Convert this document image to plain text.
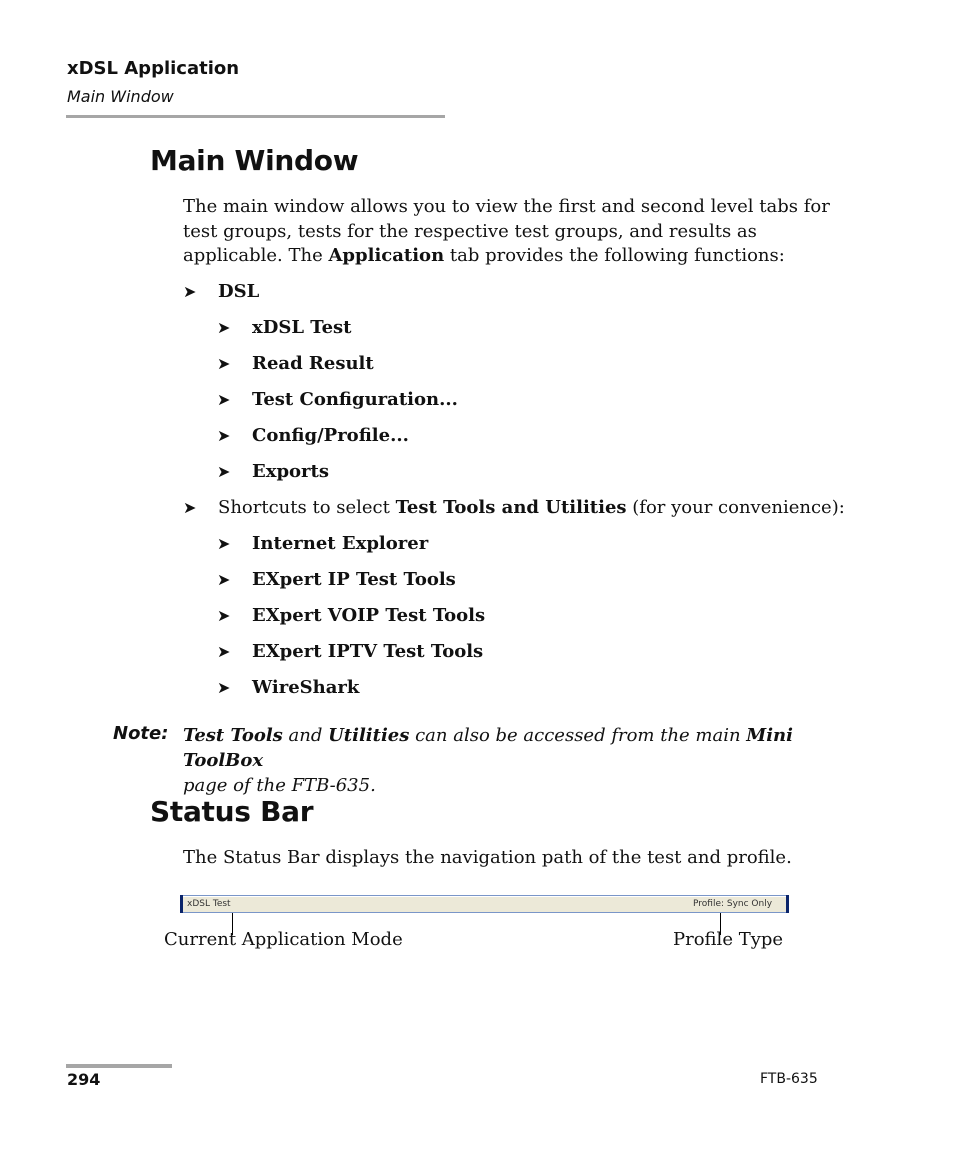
xDSL Application
Main Window
Main Window
The main window allows you to view the first and second level tabs for test groups, tests for the respective test groups, and results as applicable. The Application tab provides the following functions:
➤ DSL
➤ xDSL Test
➤ Read Result
➤ Test Configuration...
➤ Config/Profile...
➤ Exports
➤ Shortcuts to select Test Tools and Utilities (for your convenience):
➤ Internet Explorer
➤ EXpert IP Test Tools
➤ EXpert VOIP Test Tools
➤ EXpert IPTV Test Tools
➤ WireShark
Note: Test Tools and Utilities can also be accessed from the main Mini ToolBox
page of the FTB-635.
Status Bar
The Status Bar displays the navigation path of the test and profile.
xDSL Test	Profile: Sync Only
Current Application Mode	Profile Type
294	FTB-635
